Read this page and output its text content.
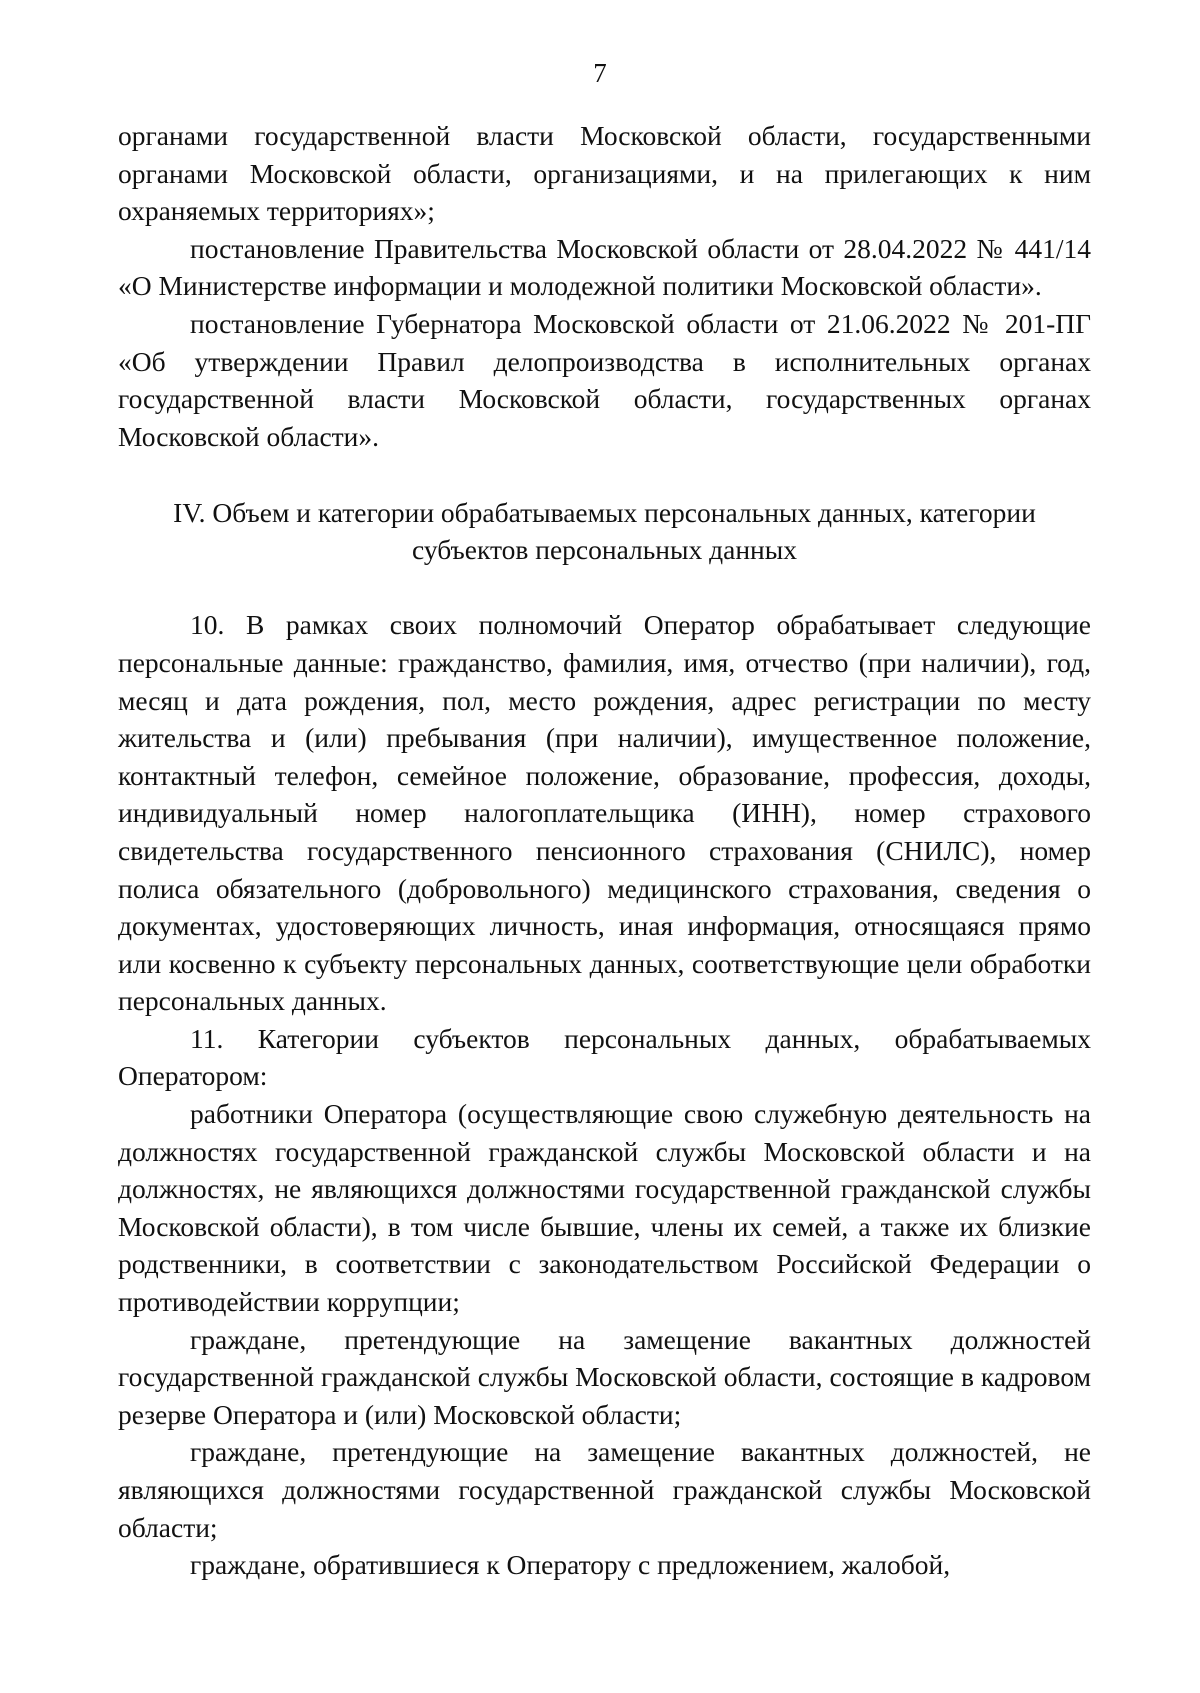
7

органами государственной власти Московской области, государственными органами Московской области, организациями, и на прилегающих к ним охраняемых территориях»;

постановление Правительства Московской области от 28.04.2022 № 441/14 «О Министерстве информации и молодежной политики Московской области».

постановление Губернатора Московской области от 21.06.2022 № 201-ПГ «Об утверждении Правил делопроизводства в исполнительных органах государственной власти Московской области, государственных органах Московской области».

IV. Объем и категории обрабатываемых персональных данных, категории
субъектов персональных данных

10. В рамках своих полномочий Оператор обрабатывает следующие персональные данные: гражданство, фамилия, имя, отчество (при наличии), год, месяц и дата рождения, пол, место рождения, адрес регистрации по месту жительства и (или) пребывания (при наличии), имущественное положение, контактный телефон, семейное положение, образование, профессия, доходы, индивидуальный номер налогоплательщика (ИНН), номер страхового свидетельства государственного пенсионного страхования (СНИЛС), номер полиса обязательного (добровольного) медицинского страхования, сведения о документах, удостоверяющих личность, иная информация, относящаяся прямо или косвенно к субъекту персональных данных, соответствующие цели обработки персональных данных.

11. Категории субъектов персональных данных, обрабатываемых Оператором:

работники Оператора (осуществляющие свою служебную деятельность на должностях государственной гражданской службы Московской области и на должностях, не являющихся должностями государственной гражданской службы Московской области), в том числе бывшие, члены их семей, а также их близкие родственники, в соответствии с законодательством Российской Федерации о противодействии коррупции;

граждане, претендующие на замещение вакантных должностей государственной гражданской службы Московской области, состоящие в кадровом резерве Оператора и (или) Московской области;

граждане, претендующие на замещение вакантных должностей, не являющихся должностями государственной гражданской службы Московской области;

граждане, обратившиеся к Оператору с предложением, жалобой,
